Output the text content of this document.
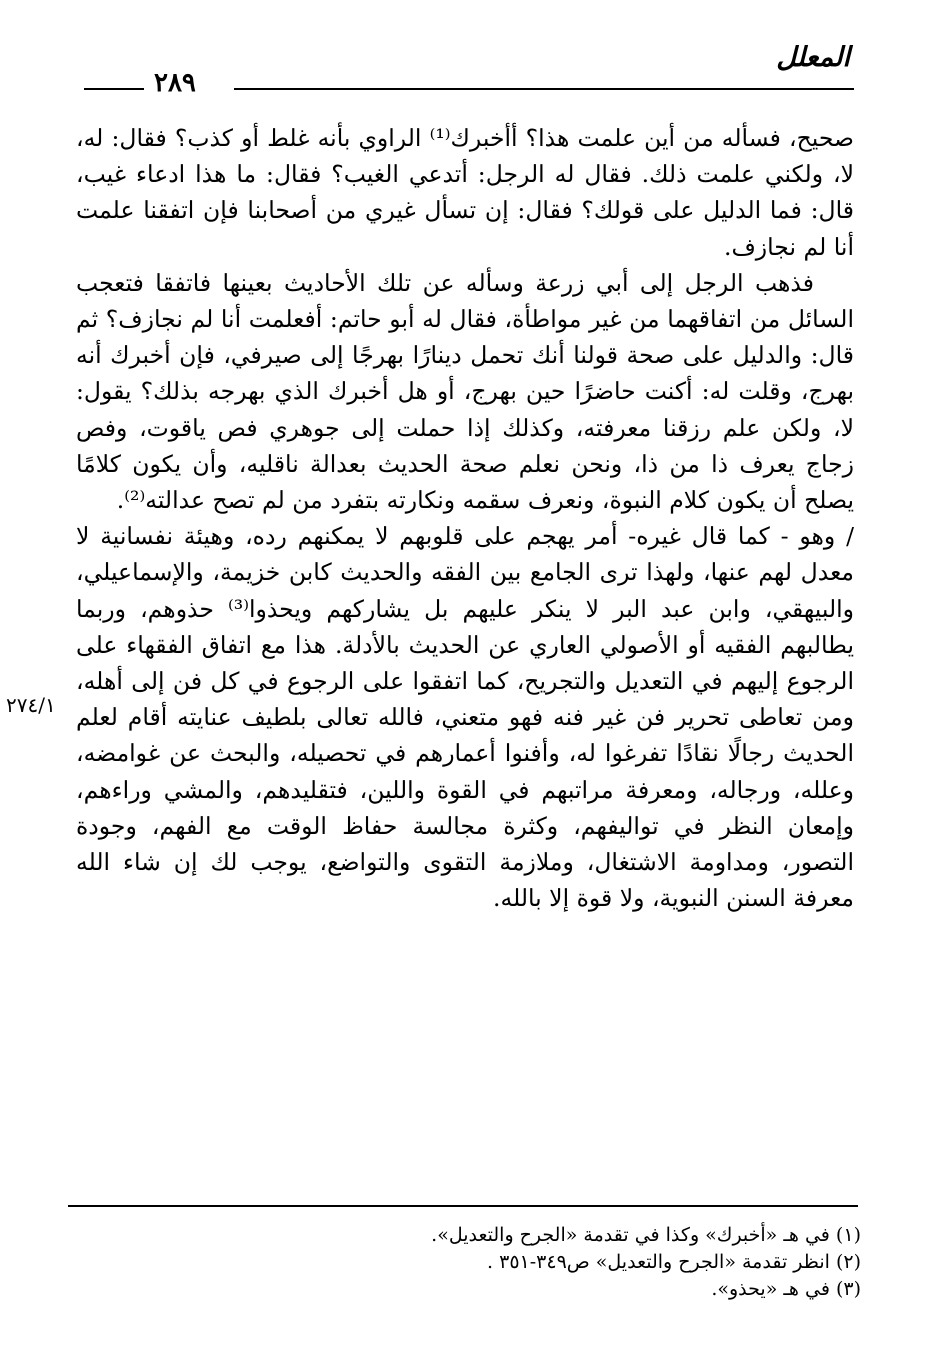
المعلل
٢٨٩

صحيح، فسأله من أين علمت هذا؟ أأخبرك⁽¹⁾ الراوي بأنه غلط أو كذب؟ فقال: له، لا، ولكني علمت ذلك. فقال له الرجل: أتدعي الغيب؟ فقال: ما هذا ادعاء غيب، قال: فما الدليل على قولك؟ فقال: إن تسأل غيري من أصحابنا فإن اتفقنا علمت أنا لم نجازف.

فذهب الرجل إلى أبي زرعة وسأله عن تلك الأحاديث بعينها فاتفقا فتعجب السائل من اتفاقهما من غير مواطأة، فقال له أبو حاتم: أفعلمت أنا لم نجازف؟ ثم قال: والدليل على صحة قولنا أنك تحمل دينارًا بهرجًا إلى صيرفي، فإن أخبرك أنه بهرج، وقلت له: أكنت حاضرًا حين بهرج، أو هل أخبرك الذي بهرجه بذلك؟ يقول: لا، ولكن علم رزقنا معرفته، وكذلك إذا حملت إلى جوهري فص ياقوت، وفص زجاج يعرف ذا من ذا، ونحن نعلم صحة الحديث بعدالة ناقليه، وأن يكون كلامًا يصلح أن يكون كلام النبوة، ونعرف سقمه ونكارته بتفرد من لم تصح عدالته⁽²⁾.

/ وهو - كما قال غيره- أمر يهجم على قلوبهم لا يمكنهم رده، وهيئة نفسانية لا معدل لهم عنها، ولهذا ترى الجامع بين الفقه والحديث كابن خزيمة، والإسماعيلي، والبيهقي، وابن عبد البر لا ينكر عليهم بل يشاركهم ويحذوا⁽³⁾ حذوهم، وربما يطالبهم الفقيه أو الأصولي العاري عن الحديث بالأدلة. هذا مع اتفاق الفقهاء على الرجوع إليهم في التعديل والتجريح، كما اتفقوا على الرجوع في كل فن إلى أهله، ومن تعاطى تحرير فن غير فنه فهو متعني، فالله تعالى بلطيف عنايته أقام لعلم الحديث رجالًا نقادًا تفرغوا له، وأفنوا أعمارهم في تحصيله، والبحث عن غوامضه، وعلله، ورجاله، ومعرفة مراتبهم في القوة واللين، فتقليدهم، والمشي وراءهم، وإمعان النظر في تواليفهم، وكثرة مجالسة حفاظ الوقت مع الفهم، وجودة التصور، ومداومة الاشتغال، وملازمة التقوى والتواضع، يوجب لك إن شاء الله معرفة السنن النبوية، ولا قوة إلا بالله.

٢٧٤/١

(١) في هـ «أخبرك» وكذا في تقدمة «الجرح والتعديل».

(٢) انظر تقدمة «الجرح والتعديل» ص٣٤٩-٣٥١ .

(٣) في هـ «يحذو».
